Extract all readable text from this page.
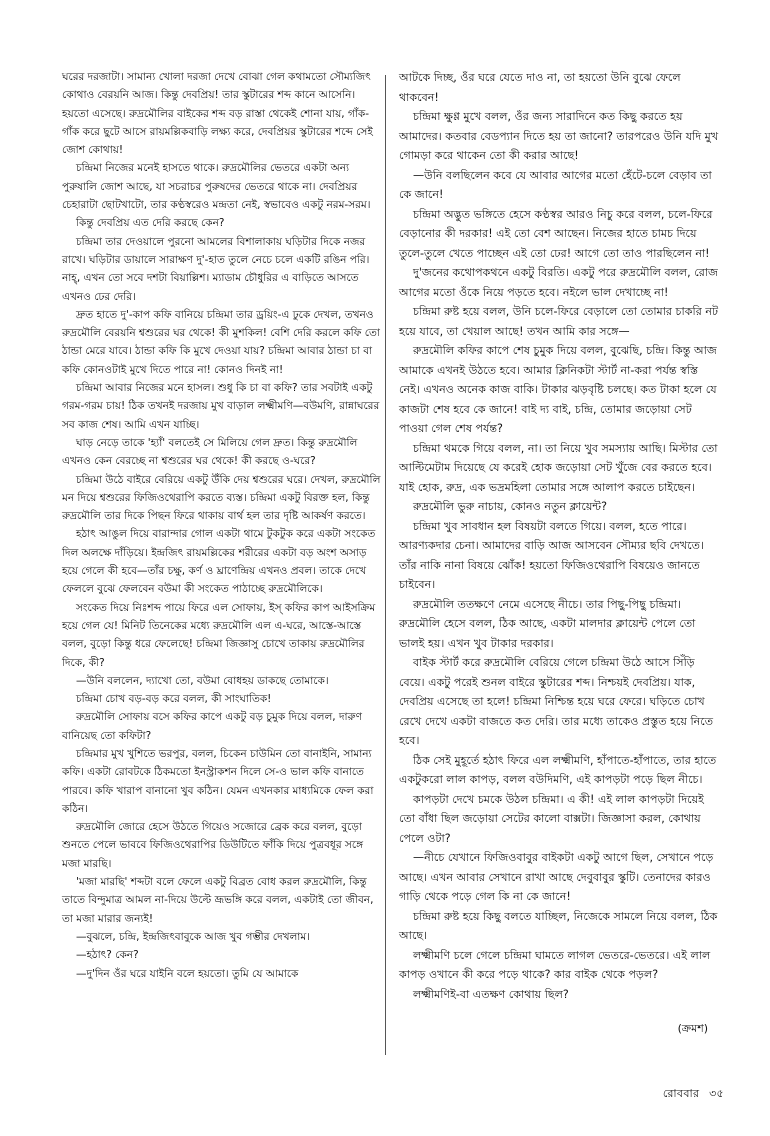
ঘরের দরজাটা। সামান্য খোলা দরজা দেখে বোঝা গেল কথামতো সৌম্যজিৎ কোথাও বেরয়নি আজ। কিন্তু দেবপ্রিয়! তার স্কুটারের শব্দ কানে আসেনি। হয়তো এসেছে। রুদ্রমৌলির বাইকের শব্দ বড় রাস্তা থেকেই শোনা যায়, গাঁক-গাঁক করে ছুটে আসে রায়মল্লিকবাড়ি লক্ষ্য করে, দেবপ্রিয়র স্কুটারের শব্দে সেই জোশ কোথায়!

চন্দ্রিমা নিজের মনেই হাসতে থাকে। রুদ্রমৌলির ভেতরে একটা অন্য পুরুষালি জোশ আছে, যা সচরাচর পুরুষদের ভেতরে থাকে না। দেবপ্রিয়র চেহারাটা ছোটখাটো, তার কণ্ঠস্বরেও মন্দ্রতা নেই, স্বভাবেও একটু নরম-সরম।

কিন্তু দেবপ্রিয় এত দেরি করছে কেন?

চন্দ্রিমা তার দেওয়ালে পুরনো আমলের বিশালাকায় ঘড়িটার দিকে নজর রাখে। ঘড়িটার ডায়ালে সারাক্ষণ দু'-হাত তুলে নেচে চলে একটি রঙিন পরি। নাহ্, এখন তো সবে দশটা বিয়াল্লিশ। ম্যাডাম চৌধুরির এ বাড়িতে আসতে এখনও ঢের দেরি।

দ্রুত হাতে দু'-কাপ কফি বানিয়ে চন্দ্রিমা তার ড্রয়িং-এ ঢুকে দেখল, তখনও রুদ্রমৌলি বেরয়নি শ্বশুরের ঘর থেকে! কী মুশকিল! বেশি দেরি করলে কফি তো ঠান্ডা মেরে যাবে। ঠান্ডা কফি কি মুখে দেওয়া যায়? চন্দ্রিমা আবার ঠান্ডা চা বা কফি কোনওটাই মুখে দিতে পারে না! কোনও দিনই না!

চন্দ্রিমা আবার নিজের মনে হাসল। শুধু কি চা বা কফি? তার সবটাই একটু গরম-গরম চায়! ঠিক তখনই দরজায় মুখ বাড়াল লক্ষ্মীমণি—বউমণি, রান্নাঘরের সব কাজ শেষ। আমি এখন যাচ্ছি।

ঘাড় নেড়ে তাকে 'হ্যাঁ' বলতেই সে মিলিয়ে গেল দ্রুত। কিন্তু রুদ্রমৌলি এখনও কেন বেরচ্ছে না শ্বশুরের ঘর থেকে! কী করছে ও-ঘরে?

চন্দ্রিমা উঠে বাইরে বেরিয়ে একটু উঁকি দেয় শ্বশুরের ঘরে। দেখল, রুদ্রমৌলি মন দিয়ে শ্বশুরের ফিজিওথেরাপি করতে ব্যস্ত। চন্দ্রিমা একটু বিরক্ত হল, কিন্তু রুদ্রমৌলি তার দিকে পিছন ফিরে থাকায় বার্থ হল তার দৃষ্টি আকর্ষণ করতে।

হঠাৎ আঙুল দিয়ে বারান্দার গোল একটা থামে টুকটুক করে একটা সংকেত দিল অলক্ষে দাঁড়িয়ে। ইন্দ্রজিৎ রায়মল্লিকের শরীরের একটা বড় অংশ অসাড় হয়ে গেলে কী হবে—তাঁর চক্ষু, কর্ণ ও ঘ্রাণেন্দ্রিয় এখনও প্রবল। তাকে দেখে ফেললে বুঝে ফেলবেন বউমা কী সংকেত পাঠাচ্ছে রুদ্রমৌলিকে।

সংকেত দিয়ে নিঃশব্দ পায়ে ফিরে এল সোফায়, ইস্ কফির কাপ আইসক্রিম হয়ে গেল যে! মিনিট তিনেকের মধ্যে রুদ্রমৌলি এল এ-ঘরে, আস্তে-আস্তে বলল, বুড়ো কিন্তু ধরে ফেলেছে! চন্দ্রিমা জিজ্ঞাসু চোখে তাকায় রুদ্রমৌলির দিকে, কী?

—উনি বললেন, দ্যাখো তো, বউমা বোধহয় ডাকছে তোমাকে।

চন্দ্রিমা চোখ বড়-বড় করে বলল, কী সাংঘাতিক!

রুদ্রমৌলি সোফায় বসে কফির কাপে একটু বড় চুমুক দিয়ে বলল, দারুণ বানিয়েছ তো কফিটা?

চন্দ্রিমার মুখ খুশিতে ভরপুর, বলল, চিকেন চাউমিন তো বানাইনি, সামান্য কফি। একটা রোবটকে ঠিকমতো ইনস্ট্রাকশন দিলে সে-ও ভাল কফি বানাতে পারবে। কফি খারাপ বানানো খুব কঠিন। যেমন এখনকার মাধ্যমিকে ফেল করা কঠিন।

রুদ্রমৌলি জোরে হেসে উঠতে গিয়েও সজোরে ব্রেক করে বলল, বুড়ো শুনতে পেলে ভাববে ফিজিওথেরাপির ডিউটিতে ফাঁকি দিয়ে পুত্রবধূর সঙ্গে মজা মারছি।

'মজা মারছি' শব্দটা বলে ফেলে একটু বিব্রত বোধ করল রুদ্রমৌলি, কিন্তু তাতে বিন্দুমাত্র আমল না-দিয়ে উল্টে ভ্রূভঙ্গি করে বলল, একটাই তো জীবন, তা মজা মারার জন্যই!

—বুঝলে, চন্দ্রি, ইন্দ্রজিৎবাবুকে আজ খুব গম্ভীর দেখলাম।

—হঠাৎ? কেন?

—দু'দিন ওঁর ঘরে যাইনি বলে হয়তো। তুমি যে আমাকে

আটকে দিচ্ছ, ওঁর ঘরে যেতে দাও না, তা হয়তো উনি বুঝে ফেলে থাকবেন!

চন্দ্রিমা ক্ষুণ্ণ মুখে বলল, ওঁর জন্য সারাদিনে কত কিছু করতে হয় আমাদের। কতবার বেডপ্যান দিতে হয় তা জানো? তারপরেও উনি যদি মুখ গোমড়া করে থাকেন তো কী করার আছে!

—উনি বলছিলেন কবে যে আবার আগের মতো হেঁটে-চলে বেড়াব তা কে জানে!

চন্দ্রিমা অদ্ভুত ভঙ্গিতে হেসে কণ্ঠস্বর আরও নিচু করে বলল, চলে-ফিরে বেড়ানোর কী দরকার! এই তো বেশ আছেন। নিজের হাতে চামচ দিয়ে তুলে-তুলে খেতে পাচ্ছেন এই তো ঢের! আগে তো তাও পারছিলেন না!

দু'জনের কথোপকথনে একটু বিরতি। একটু পরে রুদ্রমৌলি বলল, রোজ আগের মতো ওঁকে নিয়ে পড়তে হবে। নইলে ভাল দেখাচ্ছে না!

চন্দ্রিমা রুষ্ট হয়ে বলল, উনি চলে-ফিরে বেড়ালে তো তোমার চাকরি নট হয়ে যাবে, তা খেয়াল আছে! তখন আমি কার সঙ্গে—

রুদ্রমৌলি কফির কাপে শেষ চুমুক দিয়ে বলল, বুঝেছি, চন্দ্রি। কিন্তু আজ আমাকে এখনই উঠতে হবে। আমার ক্লিনিকটা স্টার্ট না-করা পর্যন্ত স্বস্তি নেই। এখনও অনেক কাজ বাকি। টাকার ঝড়বৃষ্টি চলছে। কত টাকা হলে যে কাজটা শেষ হবে কে জানে! বাই দ্য বাই, চন্দ্রি, তোমার জড়োয়া সেট পাওয়া গেল শেষ পর্যন্ত?

চন্দ্রিমা থমকে গিয়ে বলল, না। তা নিয়ে খুব সমস্যায় আছি। মিস্টার তো আল্টিমেটাম দিয়েছে যে করেই হোক জড়োয়া সেট খুঁজে বের করতে হবে। যাই হোক, রুদ্র, এক ভদ্রমহিলা তোমার সঙ্গে আলাপ করতে চাইছেন।

রুদ্রমৌলি ভুরু নাচায়, কোনও নতুন ক্লায়েন্ট?

চন্দ্রিমা খুব সাবধান হল বিষয়টা বলতে গিয়ে। বলল, হতে পারে। আরণ্যকদার চেনা। আমাদের বাড়ি আজ আসবেন সৌম্যর ছবি দেখতে। তাঁর নাকি নানা বিষয়ে ঝোঁক! হয়তো ফিজিওথেরাপি বিষয়েও জানতে চাইবেন।

রুদ্রমৌলি ততক্ষণে নেমে এসেছে নীচে। তার পিছু-পিছু চন্দ্রিমা। রুদ্রমৌলি হেসে বলল, ঠিক আছে, একটা মালদার ক্লায়েন্ট পেলে তো ভালই হয়। এখন খুব টাকার দরকার।

বাইক স্টার্ট করে রুদ্রমৌলি বেরিয়ে গেলে চন্দ্রিমা উঠে আসে সিঁড়ি বেয়ে। একটু পরেই শুনল বাইরে স্কুটারের শব্দ। নিশ্চয়ই দেবপ্রিয়। যাক, দেবপ্রিয় এসেছে তা হলে! চন্দ্রিমা নিশ্চিন্ত হয়ে ঘরে ফেরে। ঘড়িতে চোখ রেখে দেখে একটা বাজতে কত দেরি। তার মধ্যে তাকেও প্রস্তুত হয়ে নিতে হবে।

ঠিক সেই মুহূর্তে হঠাৎ ফিরে এল লক্ষ্মীমণি, হাঁপাতে-হাঁপাতে, তার হাতে একটুকরো লাল কাপড়, বলল বউদিমণি, এই কাপড়টা পড়ে ছিল নীচে।

কাপড়টা দেখে চমকে উঠল চন্দ্রিমা। এ কী! এই লাল কাপড়টা দিয়েই তো বাঁধা ছিল জড়োয়া সেটের কালো বাক্সটা। জিজ্ঞাসা করল, কোথায় পেলে ওটা?

—নীচে যেখানে ফিজিওবাবুর বাইকটা একটু আগে ছিল, সেখানে পড়ে আছে। এখন আবার সেখানে রাখা আছে দেবুবাবুর স্কুটি। তেনাদের কারও গাড়ি থেকে পড়ে গেল কি না কে জানে!

চন্দ্রিমা রুষ্ট হয়ে কিছু বলতে যাচ্ছিল, নিজেকে সামলে নিয়ে বলল, ঠিক আছে।

লক্ষ্মীমণি চলে গেলে চন্দ্রিমা ঘামতে লাগল ভেতরে-ভেতরে। এই লাল কাপড় ওখানে কী করে পড়ে থাকে? কার বাইক থেকে পড়ল?

লক্ষ্মীমণিই-বা এতক্ষণ কোথায় ছিল?

(ক্রমশ)
রোববার ৩৫
